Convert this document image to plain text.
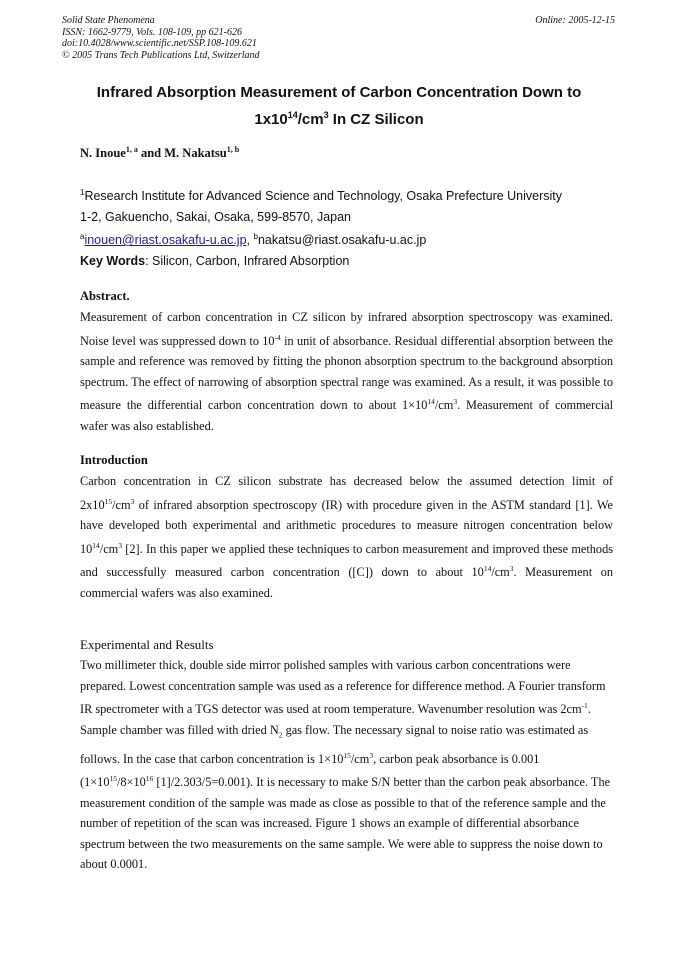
Solid State Phenomena
ISSN: 1662-9779, Vols. 108-109, pp 621-626
doi:10.4028/www.scientific.net/SSP.108-109.621
© 2005 Trans Tech Publications Ltd, Switzerland
Online: 2005-12-15
Infrared Absorption Measurement of Carbon Concentration Down to
$1x10^{14}/cm^3$ In CZ Silicon
N. Inoue$^{1, a}$ and M. Nakatsu$^{1, b}$
$^1$Research Institute for Advanced Science and Technology, Osaka Prefecture University
1-2, Gakuencho, Sakai, Osaka, 599-8570, Japan
$^a$inouen@riast.osakafu-u.ac.jp, $^b$nakatsu@riast.osakafu-u.ac.jp
Key Words: Silicon, Carbon, Infrared Absorption
Abstract.
Measurement of carbon concentration in CZ silicon by infrared absorption spectroscopy was examined. Noise level was suppressed down to $10^{-4}$ in unit of absorbance. Residual differential absorption between the sample and reference was removed by fitting the phonon absorption spectrum to the background absorption spectrum. The effect of narrowing of absorption spectral range was examined. As a result, it was possible to measure the differential carbon concentration down to about $1\times 10^{14}/cm^3$. Measurement of commercial wafer was also established.
Introduction
Carbon concentration in CZ silicon substrate has decreased below the assumed detection limit of $2x10^{15}/cm^3$ of infrared absorption spectroscopy (IR) with procedure given in the ASTM standard [1]. We have developed both experimental and arithmetic procedures to measure nitrogen concentration below $10^{14}/cm^3$ [2]. In this paper we applied these techniques to carbon measurement and improved these methods and successfully measured carbon concentration ([C]) down to about $10^{14}/cm^3$. Measurement on commercial wafers was also examined.
Experimental and Results
Two millimeter thick, double side mirror polished samples with various carbon concentrations were prepared. Lowest concentration sample was used as a reference for difference method. A Fourier transform IR spectrometer with a TGS detector was used at room temperature. Wavenumber resolution was $2cm^{-1}$. Sample chamber was filled with dried $N_2$ gas flow. The necessary signal to noise ratio was estimated as follows. In the case that carbon concentration is $1\times 10^{15}/cm^3$, carbon peak absorbance is 0.001 ($1\times 10^{15}/8\times 10^{16}$ [1]/2.303/5=0.001). It is necessary to make S/N better than the carbon peak absorbance. The measurement condition of the sample was made as close as possible to that of the reference sample and the number of repetition of the scan was increased. Figure 1 shows an example of differential absorbance spectrum between the two measurements on the same sample. We were able to suppress the noise down to about 0.0001.
